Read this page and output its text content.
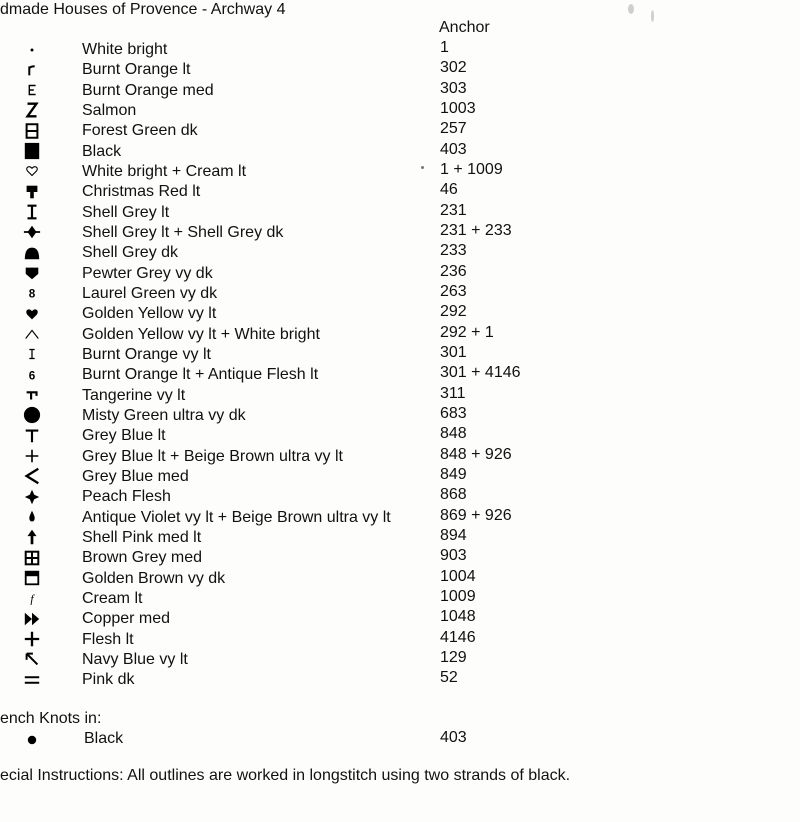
dmade Houses of Provence - Archway 4
Anchor
White bright	1
Burnt Orange lt	302
Burnt Orange med	303
Salmon	1003
Forest Green dk	257
Black	403
White bright + Cream lt	1 + 1009
Christmas Red lt	46
Shell Grey lt	231
Shell Grey lt + Shell Grey dk	231 + 233
Shell Grey dk	233
Pewter Grey vy dk	236
8	Laurel Green vy dk	263
Golden Yellow vy lt	292
Golden Yellow vy lt + White bright	292 + 1
Burnt Orange vy lt	301
6	Burnt Orange lt + Antique Flesh lt	301 + 4146
Tangerine vy lt	311
Misty Green ultra vy dk	683
Grey Blue lt	848
Grey Blue lt + Beige Brown ultra vy lt	848 + 926
Grey Blue med	849
Peach Flesh	868
Antique Violet vy lt + Beige Brown ultra vy lt	869 + 926
Shell Pink med lt	894
Brown Grey med	903
Golden Brown vy dk	1004
f	Cream lt	1009
Copper med	1048
Flesh lt	4146
Navy Blue vy lt	129
Pink dk	52
ench Knots in:
Black	403
ecial Instructions: All outlines are worked in longstitch using two strands of black.
